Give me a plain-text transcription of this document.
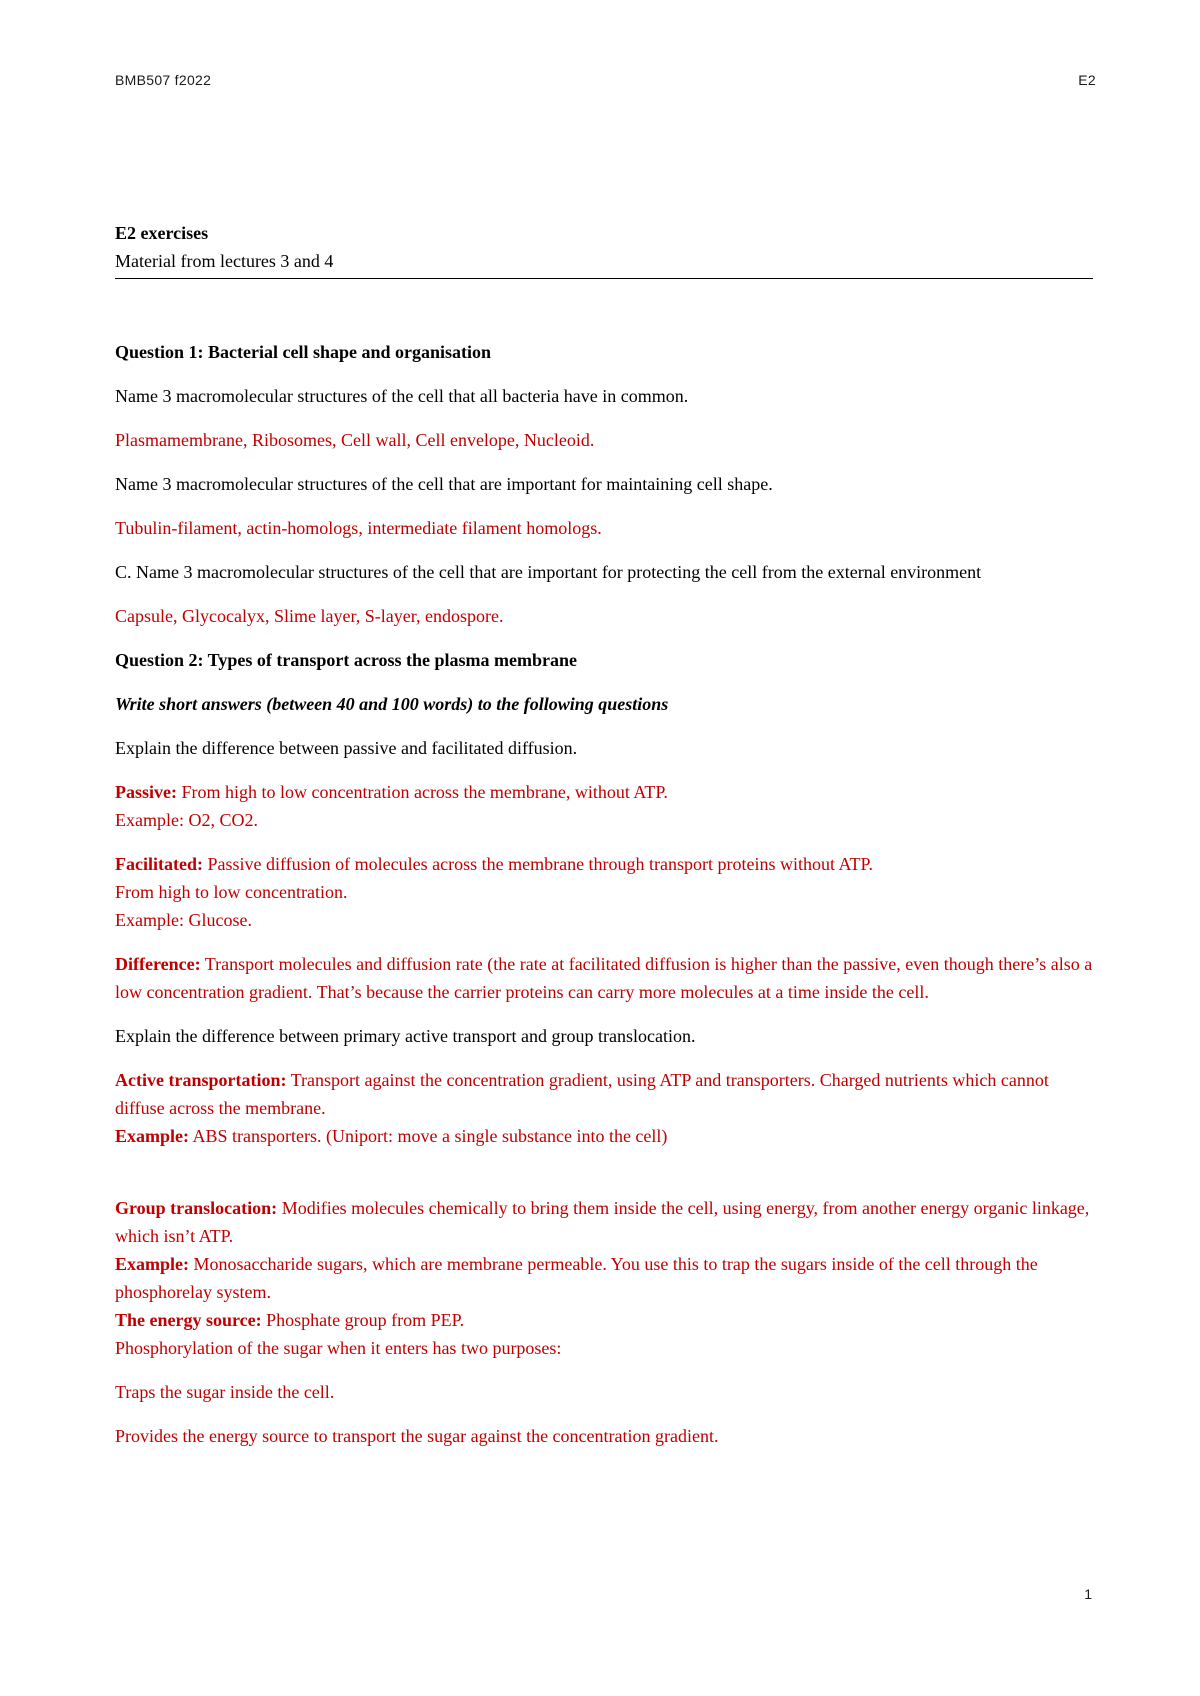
BMB507 f2022	E2
E2 exercises
Material from lectures 3 and 4

Question 1: Bacterial cell shape and organisation

Name 3 macromolecular structures of the cell that all bacteria have in common.

Plasmamembrane, Ribosomes, Cell wall, Cell envelope, Nucleoid.

Name 3 macromolecular structures of the cell that are important for maintaining cell shape.

Tubulin-filament, actin-homologs, intermediate filament homologs.

C. Name 3 macromolecular structures of the cell that are important for protecting the cell from the external environment

Capsule, Glycocalyx, Slime layer, S-layer, endospore.

Question 2: Types of transport across the plasma membrane

Write short answers (between 40 and 100 words) to the following questions

Explain the difference between passive and facilitated diffusion.

Passive: From high to low concentration across the membrane, without ATP.
Example: O2, CO2.

Facilitated: Passive diffusion of molecules across the membrane through transport proteins without ATP.
From high to low concentration.
Example: Glucose.

Difference: Transport molecules and diffusion rate (the rate at facilitated diffusion is higher than the passive, even though there’s also a low concentration gradient. That’s because the carrier proteins can carry more molecules at a time inside the cell.

Explain the difference between primary active transport and group translocation.

Active transportation: Transport against the concentration gradient, using ATP and transporters. Charged nutrients which cannot diffuse across the membrane.
Example: ABS transporters. (Uniport: move a single substance into the cell)

Group translocation: Modifies molecules chemically to bring them inside the cell, using energy, from another energy organic linkage, which isn’t ATP.
Example: Monosaccharide sugars, which are membrane permeable. You use this to trap the sugars inside of the cell through the phosphorelay system.
The energy source: Phosphate group from PEP.
Phosphorylation of the sugar when it enters has two purposes:

Traps the sugar inside the cell.

Provides the energy source to transport the sugar against the concentration gradient.

1
